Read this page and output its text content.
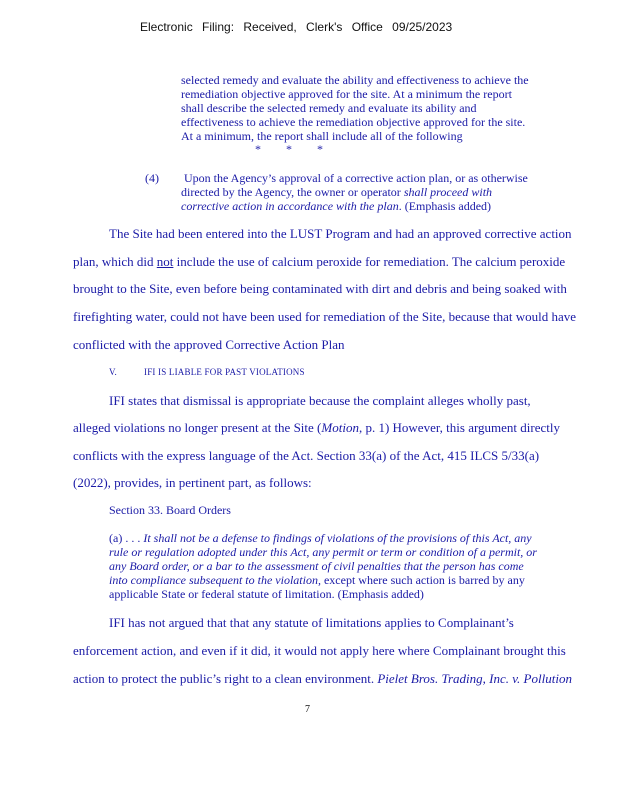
Electronic Filing: Received, Clerk's Office 09/25/2023
selected remedy and evaluate the ability and effectiveness to achieve the
remediation objective approved for the site. At a minimum the report
shall describe the selected remedy and evaluate its ability and
effectiveness to achieve the remediation objective approved for the site.
At a minimum, the report shall include all of the following
* * *
(4) Upon the Agency’s approval of a corrective action plan, or as otherwise
directed by the Agency, the owner or operator shall proceed with
corrective action in accordance with the plan. (Emphasis added)
The Site had been entered into the LUST Program and had an approved corrective action
plan, which did not include the use of calcium peroxide for remediation. The calcium peroxide
brought to the Site, even before being contaminated with dirt and debris and being soaked with
firefighting water, could not have been used for remediation of the Site, because that would have
conflicted with the approved Corrective Action Plan
V.	IFI IS LIABLE FOR PAST VIOLATIONS
IFI states that dismissal is appropriate because the complaint alleges wholly past,
alleged violations no longer present at the Site (Motion, p. 1) However, this argument directly
conflicts with the express language of the Act. Section 33(a) of the Act, 415 ILCS 5/33(a)
(2022), provides, in pertinent part, as follows:
Section 33. Board Orders
(a) . . . It shall not be a defense to findings of violations of the provisions of this Act, any
rule or regulation adopted under this Act, any permit or term or condition of a permit, or
any Board order, or a bar to the assessment of civil penalties that the person has come
into compliance subsequent to the violation, except where such action is barred by any
applicable State or federal statute of limitation. (Emphasis added)
IFI has not argued that that any statute of limitations applies to Complainant’s
enforcement action, and even if it did, it would not apply here where Complainant brought this
action to protect the public’s right to a clean environment. Pielet Bros. Trading, Inc. v. Pollution
7
